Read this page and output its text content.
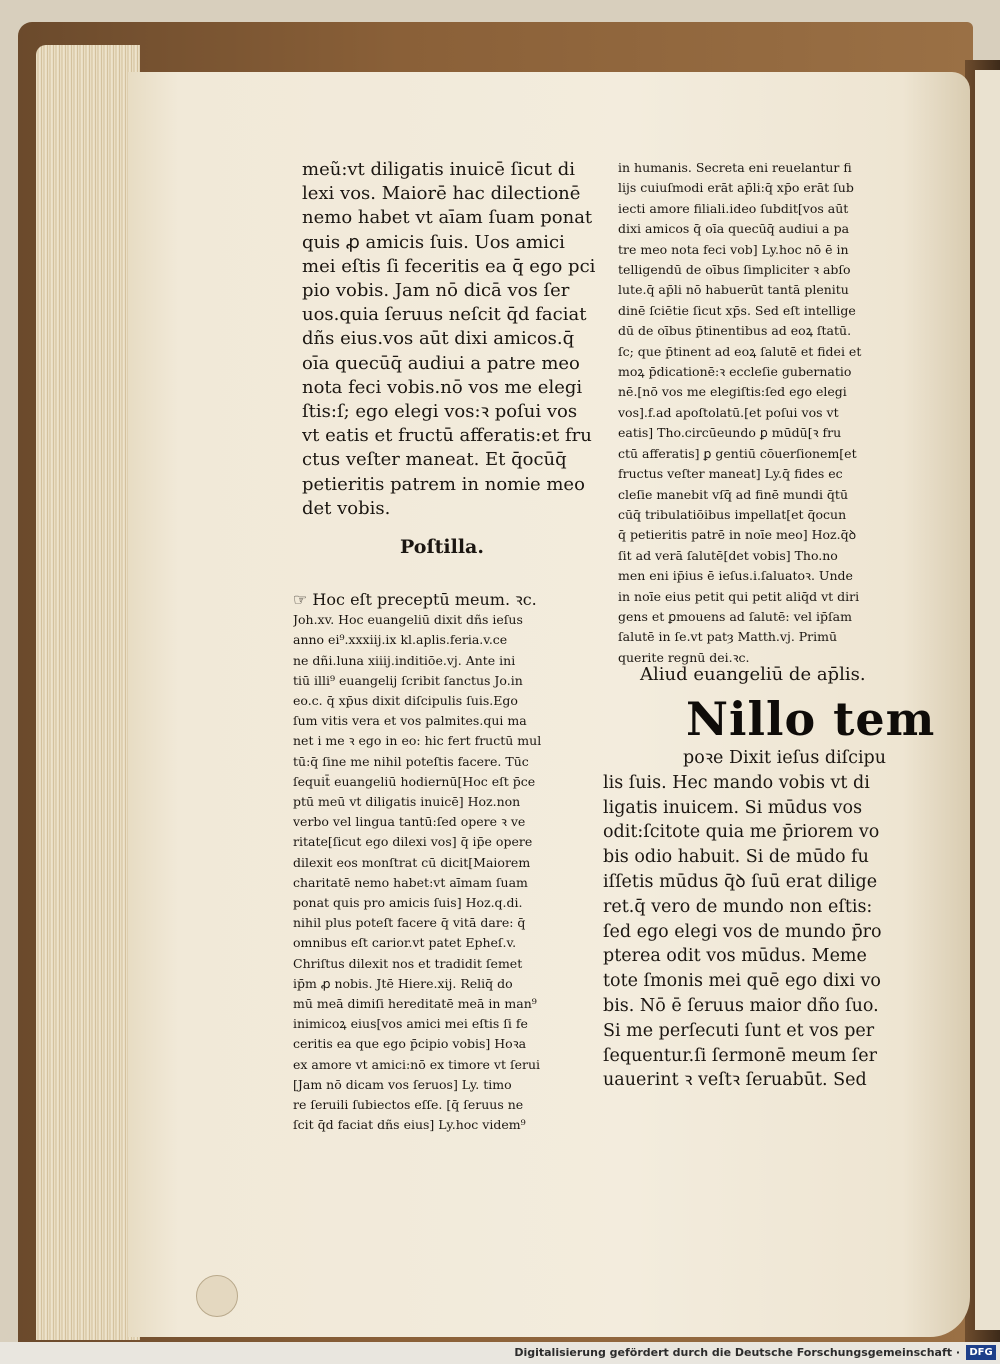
meũ:vt diligatis inuicē ſicut di

lexi vos. Maiorē hac dilectionē

nemo habet vt aīam ſuam ponat

quis ꝓ amicis ſuis. Uos amici

mei eſtis ſi feceritis ea q̄ ego pci

pio vobis. Jam nō dicā vos ſer

uos.quia ſeruus neſcit q̄d faciat

dñs eius.vos aūt dixi amicos.q̄

oīa quecūq̄ audiui a patre meo

nota feci vobis.nō vos me elegi

ſtis:ſ; ego elegi vos:ꝛ poſui vos

vt eatis et fructū afferatis:et fru

ctus veſter maneat. Et q̄ocūq̄

petieritis patrem in nomie meo

det vobis.

Poſtilla.

☞ Hoc eſt preceptū meum. ꝛc.

Joh.xv. Hoc euangeliū dixit dñs ieſus

anno ei⁹.xxxiij.ix kl.aplis.feria.v.ce

ne dñi.luna xiiij.inditiōe.vj. Ante ini

tiū illi⁹ euangelij ſcribit ſanctus Jo.in

eo.c. q̄ xp̄us dixit diſcipulis ſuis.Ego

ſum vitis vera et vos palmites.qui ma

net i me ꝛ ego in eo: hic fert fructū mul

tū:q̄ ſine me nihil poteſtis facere. Tūc

ſequit̄ euangeliū hodiernū[Hoc eſt p̄ce

ptū meū vt diligatis inuicē] Hoz.non

verbo vel lingua tantū:ſed opere ꝛ ve

ritate[ſicut ego dilexi vos] q̄ ip̄e opere

dilexit eos monſtrat cū dicit[Maiorem

charitatē nemo habet:vt aīmam ſuam

ponat quis pro amicis ſuis] Hoz.q.di.

nihil plus poteſt facere q̄ vitā dare: q̄

omnibus eſt carior.vt patet Epheſ.v.

Chriſtus dilexit nos et tradidit ſemet

ip̄m ꝓ nobis. Jtē Hiere.xij. Reliq̄ do

mū meā dimiſi hereditatē meā in man⁹

inimicoꝝ eius[vos amici mei eſtis ſi fe

ceritis ea que ego p̄cipio vobis] Hoꝛa

ex amore vt amici:nō ex timore vt ſerui

[Jam nō dicam vos ſeruos] Ly. timo

re ſeruili ſubiectos eſſe. [q̄ ſeruus ne

ſcit q̄d faciat dñs eius] Ly.hoc videm⁹

in humanis. Secreta eni reuelantur fi

lijs cuiuſmodi erāt ap̄li:q̄ xp̄o erāt ſub

iecti amore filiali.ideo ſubdit[vos aūt

dixi amicos q̄ oīa quecūq̄ audiui a pa

tre meo nota feci vob] Ly.hoc nō ē in

telligendū de oībus ſimpliciter ꝛ abſo

lute.q̄ ap̄li nō habuerūt tantā plenitu

dinē ſciētie ſicut xp̄s. Sed eſt intellige

dū de oībus p̄tinentibus ad eoꝝ ſtatū.

ſc; que p̄tinent ad eoꝝ ſalutē et fidei et

moꝝ p̄dicationē:ꝛ eccleſie gubernatio

nē.[nō vos me elegiſtis:ſed ego elegi

vos].f.ad apoſtolatū.[et poſui vos vt

eatis] Tho.circūeundo ꝑ mūdū[ꝛ fru

ctū afferatis] ꝑ gentiū cōuerſionem[et

fructus veſter maneat] Ly.q̄ fides ec

cleſie manebit vſq̄ ad finē mundi q̄tū

cūq̄ tribulatiōibus impellat[et q̄ocun

q̄ petieritis patrē in noīe meo] Hoz.q̄ꝺ

ſit ad verā ſalutē[det vobis] Tho.no

men eni ip̄ius ē ieſus.i.ſaluatoꝛ. Unde

in noīe eius petit qui petit aliq̄d vt diri

gens et ꝑmouens ad ſalutē: vel ip̄ſam

ſalutē in ſe.vt patȝ Matth.vj. Primū

querite regnū dei.ꝛc.

Aliud euangeliū de ap̄lis.
Nillo tem

poꝛe Dixit ieſus diſcipu

lis ſuis. Hec mando vobis vt di

ligatis inuicem. Si mūdus vos

odit:ſcitote quia me p̄riorem vo

bis odio habuit. Si de mūdo fu

iſſetis mūdus q̄ꝺ ſuū erat dilige

ret.q̄ vero de mundo non eſtis:

ſed ego elegi vos de mundo p̄ro

pterea odit vos mūdus. Meme

tote ſmonis mei quē ego dixi vo

bis. Nō ē ſeruus maior dño ſuo.

Si me perſecuti ſunt et vos per

ſequentur.ſi ſermonē meum ſer

uauerint ꝛ veſtꝛ ſeruabūt. Sed

Digitalisierung gefördert durch die Deutsche Forschungsgemeinschaft · DFG
